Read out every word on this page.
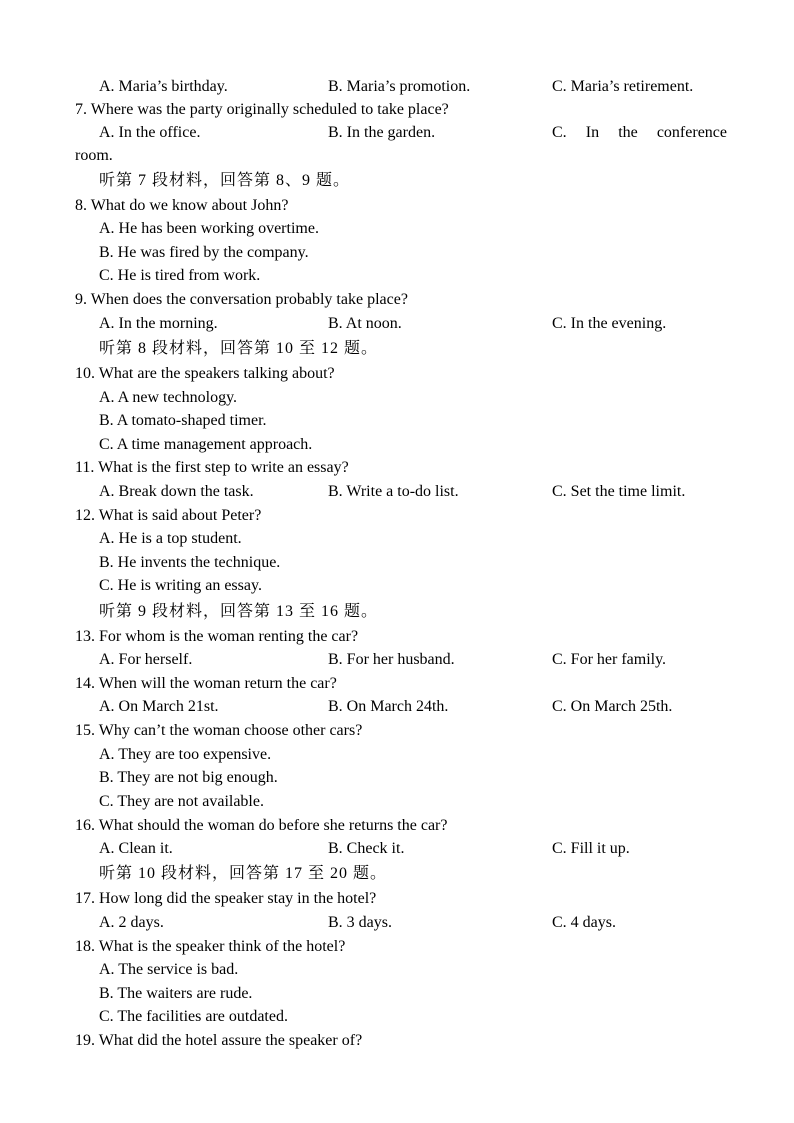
A. Maria’s birthday.	B. Maria’s promotion.	C. Maria’s retirement.
7. Where was the party originally scheduled to take place?
A. In the office.	B. In the garden.	C. In the conference
room.
听第 7 段材料，回答第 8、9 题。
8. What do we know about John?
A. He has been working overtime.
B. He was fired by the company.
C. He is tired from work.
9. When does the conversation probably take place?
A. In the morning.	B. At noon.	C. In the evening.
听第 8 段材料，回答第 10 至 12 题。
10. What are the speakers talking about?
A. A new technology.
B. A tomato-shaped timer.
C. A time management approach.
11. What is the first step to write an essay?
A. Break down the task.	B. Write a to-do list.	C. Set the time limit.
12. What is said about Peter?
A. He is a top student.
B. He invents the technique.
C. He is writing an essay.
听第 9 段材料，回答第 13 至 16 题。
13. For whom is the woman renting the car?
A. For herself.	B. For her husband.	C. For her family.
14. When will the woman return the car?
A. On March 21st.	B. On March 24th.	C. On March 25th.
15. Why can’t the woman choose other cars?
A. They are too expensive.
B. They are not big enough.
C. They are not available.
16. What should the woman do before she returns the car?
A. Clean it.	B. Check it.	C. Fill it up.
听第 10 段材料，回答第 17 至 20 题。
17. How long did the speaker stay in the hotel?
A. 2 days.	B. 3 days.	C. 4 days.
18. What is the speaker think of the hotel?
A. The service is bad.
B. The waiters are rude.
C. The facilities are outdated.
19. What did the hotel assure the speaker of?
